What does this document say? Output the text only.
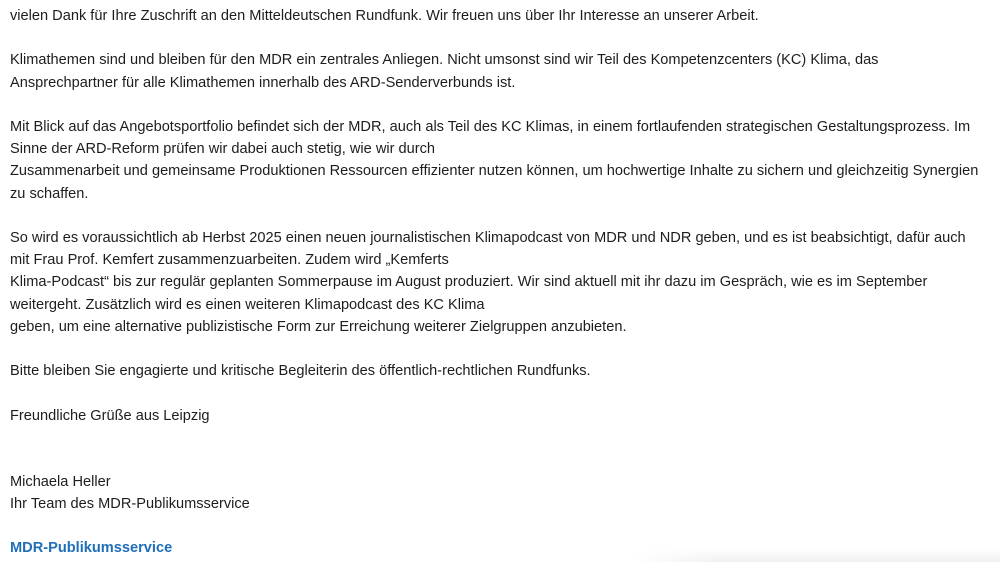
vielen Dank für Ihre Zuschrift an den Mitteldeutschen Rundfunk. Wir freuen uns über Ihr Interesse an unserer Arbeit.

Klimathemen sind und bleiben für den MDR ein zentrales Anliegen. Nicht umsonst sind wir Teil des Kompetenzcenters (KC) Klima, das
Ansprechpartner für alle Klimathemen innerhalb des ARD-Senderverbunds ist.

Mit Blick auf das Angebotsportfolio befindet sich der MDR, auch als Teil des KC Klimas, in einem fortlaufenden strategischen Gestaltungsprozess. Im
Sinne der ARD-Reform prüfen wir dabei auch stetig, wie wir durch
Zusammenarbeit und gemeinsame Produktionen Ressourcen effizienter nutzen können, um hochwertige Inhalte zu sichern und gleichzeitig Synergien
zu schaffen.

So wird es voraussichtlich ab Herbst 2025 einen neuen journalistischen Klimapodcast von MDR und NDR geben, und es ist beabsichtigt, dafür auch
mit Frau Prof. Kemfert zusammenzuarbeiten. Zudem wird „Kemferts
Klima-Podcast“ bis zur regulär geplanten Sommerpause im August produziert. Wir sind aktuell mit ihr dazu im Gespräch, wie es im September
weitergeht. Zusätzlich wird es einen weiteren Klimapodcast des KC Klima
geben, um eine alternative publizistische Form zur Erreichung weiterer Zielgruppen anzubieten.

Bitte bleiben Sie engagierte und kritische Begleiterin des öffentlich-rechtlichen Rundfunks.

Freundliche Grüße aus Leipzig

Michaela Heller
Ihr Team des MDR-Publikumsservice
MDR-Publikumsservice
